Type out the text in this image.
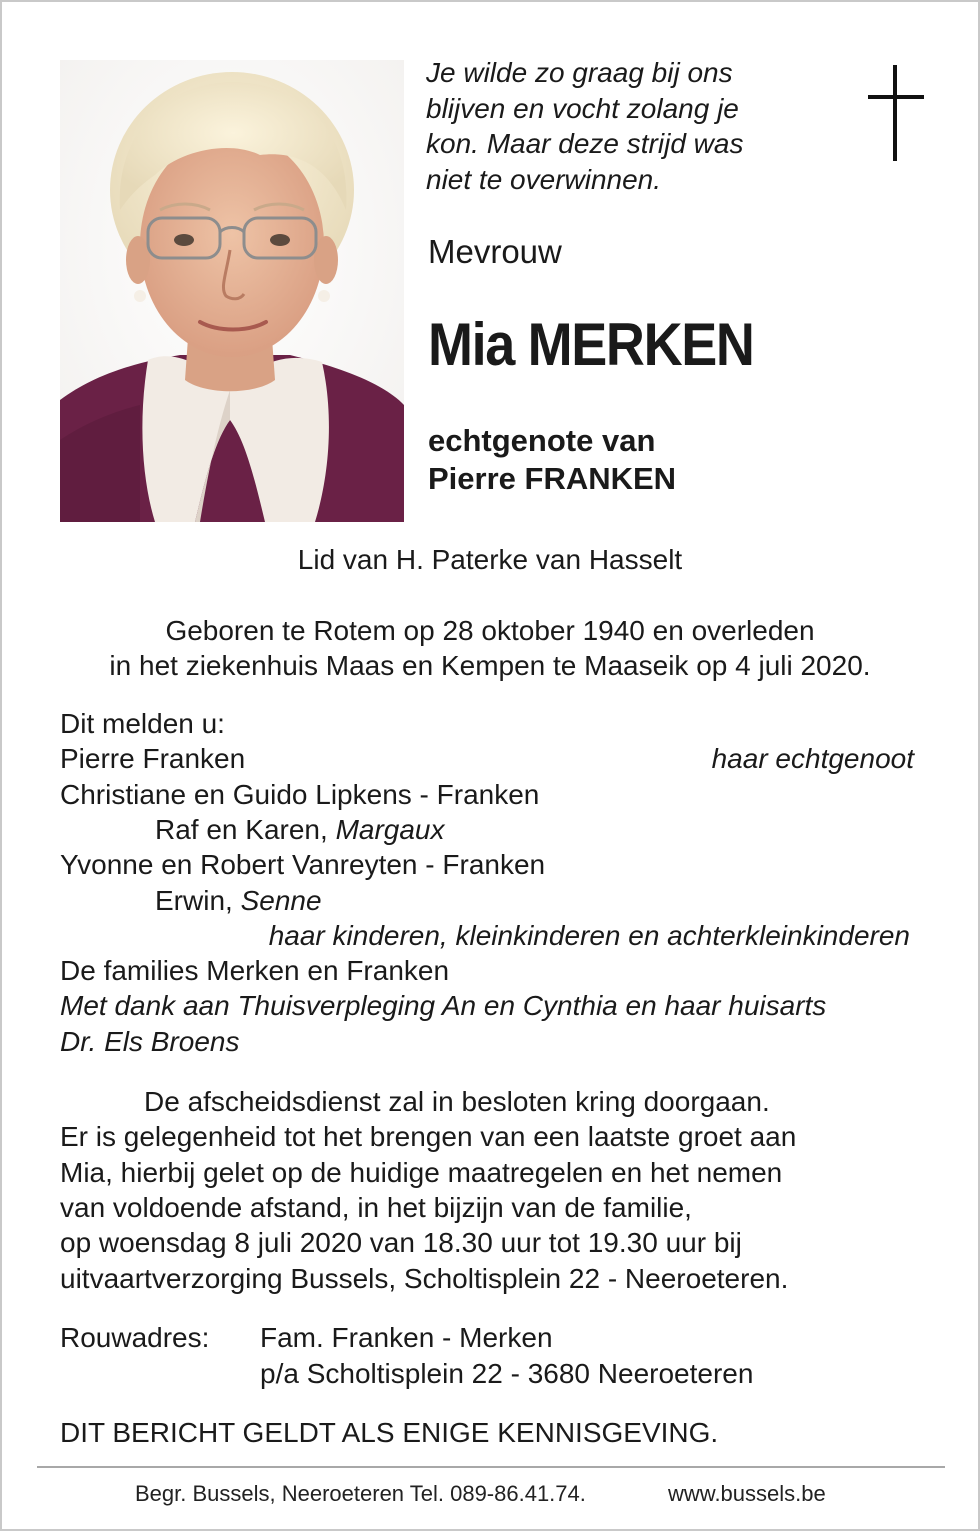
Je wilde zo graag bij ons
blijven en vocht zolang je
kon. Maar deze strijd was
niet te overwinnen.
Mevrouw
Mia MERKEN
echtgenote van
Pierre FRANKEN
Lid van H. Paterke van Hasselt
Geboren te Rotem op 28 oktober 1940 en overleden
in het ziekenhuis Maas en Kempen te Maaseik op 4 juli 2020.
Dit melden u:
Pierre Franken	haar echtgenoot
Christiane en Guido Lipkens - Franken
Raf en Karen, Margaux
Yvonne en Robert Vanreyten - Franken
Erwin, Senne
haar kinderen, kleinkinderen en achterkleinkinderen
De families Merken en Franken
Met dank aan Thuisverpleging An en Cynthia en haar huisarts
Dr. Els Broens
De afscheidsdienst zal in besloten kring doorgaan.
Er is gelegenheid tot het brengen van een laatste groet aan
Mia, hierbij gelet op de huidige maatregelen en het nemen
van voldoende afstand, in het bijzijn van de familie,
op woensdag 8 juli 2020 van 18.30 uur tot 19.30 uur bij
uitvaartverzorging Bussels, Scholtisplein 22 - Neeroeteren.
Rouwadres: Fam. Franken - Merken
p/a Scholtisplein 22 - 3680 Neeroeteren
DIT BERICHT GELDT ALS ENIGE KENNISGEVING.
Begr. Bussels, Neeroeteren Tel. 089-86.41.74.	www.bussels.be
